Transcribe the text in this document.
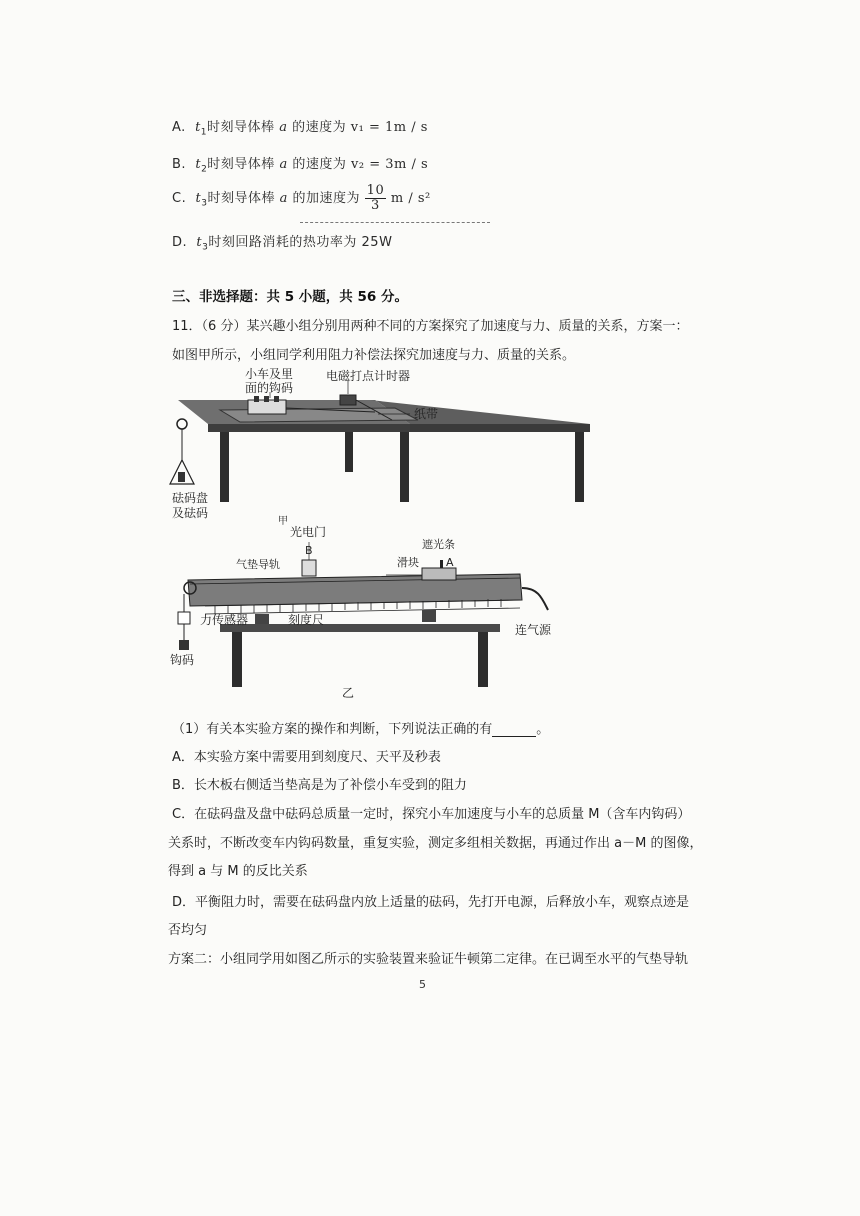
A. $t_1$时刻导体棒 a 的速度为 v₁ = 1m / s
B. $t_2$时刻导体棒 a 的速度为 v₂ = 3m / s
C. $t_3$时刻导体棒 a 的加速度为 $\frac{10}{3}$ m / s²
D. $t_3$时刻回路消耗的热功率为 25W
三、非选择题：共 5 小题，共 56 分。
11．（6 分）某兴趣小组分别用两种不同的方案探究了加速度与力、质量的关系，方案一：
如图甲所示，小组同学利用阻力补偿法探究加速度与力、质量的关系。
小车及里
面的钩码
电磁打点计时器
纸带
砝码盘
及砝码
甲
光电门
B
气垫导轨
遮光条
滑块 A
力传感器	刻度尺
连气源
钩码
乙
（1）有关本实验方案的操作和判断，下列说法正确的有	。
A．本实验方案中需要用到刻度尺、天平及秒表
B．长木板右侧适当垫高是为了补偿小车受到的阻力
C．在砝码盘及盘中砝码总质量一定时，探究小车加速度与小车的总质量 M（含车内钩码）
关系时，不断改变车内钩码数量，重复实验，测定多组相关数据，再通过作出 a－M 的图像，
得到 a 与 M 的反比关系
D．平衡阻力时，需要在砝码盘内放上适量的砝码，先打开电源，后释放小车，观察点迹是
否均匀
方案二：小组同学用如图乙所示的实验装置来验证牛顿第二定律。在已调至水平的气垫导轨
5
